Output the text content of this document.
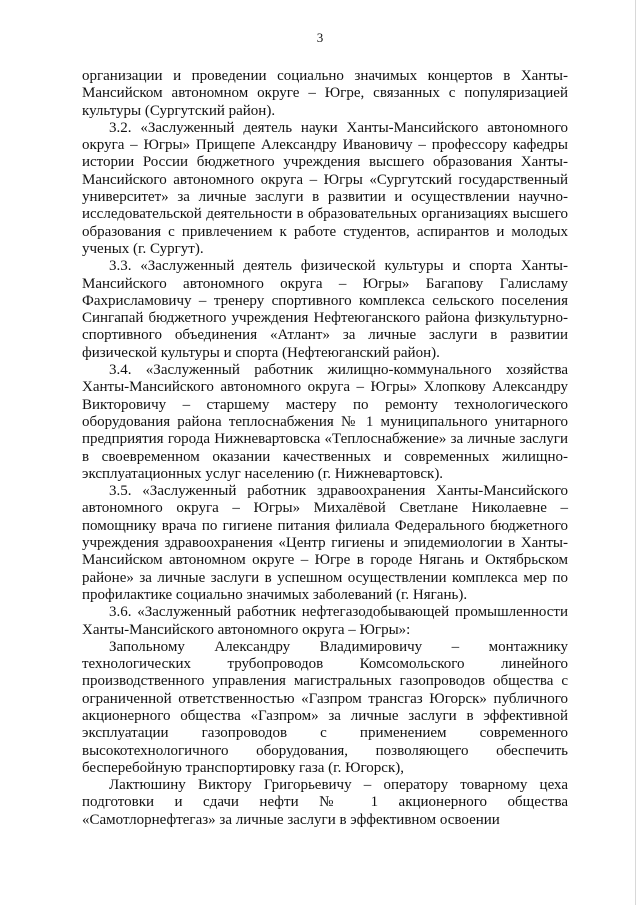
3

организации и проведении социально значимых концертов в Ханты-Мансийском автономном округе – Югре, связанных с популяризацией культуры (Сургутский район).

3.2. «Заслуженный деятель науки Ханты-Мансийского автономного округа – Югры» Прищепе Александру Ивановичу – профессору кафедры истории России бюджетного учреждения высшего образования Ханты-Мансийского автономного округа – Югры «Сургутский государственный университет» за личные заслуги в развитии и осуществлении научно-исследовательской деятельности в образовательных организациях высшего образования с привлечением к работе студентов, аспирантов и молодых ученых (г. Сургут).

3.3. «Заслуженный деятель физической культуры и спорта Ханты-Мансийского автономного округа – Югры» Багапову Галисламу Фахрисламовичу – тренеру спортивного комплекса сельского поселения Сингапай бюджетного учреждения Нефтеюганского района физкультурно-спортивного объединения «Атлант» за личные заслуги в развитии физической культуры и спорта (Нефтеюганский район).

3.4. «Заслуженный работник жилищно-коммунального хозяйства Ханты-Мансийского автономного округа – Югры» Хлопкову Александру Викторовичу – старшему мастеру по ремонту технологического оборудования района теплоснабжения № 1 муниципального унитарного предприятия города Нижневартовска «Теплоснабжение» за личные заслуги в своевременном оказании качественных и современных жилищно-эксплуатационных услуг населению (г. Нижневартовск).

3.5. «Заслуженный работник здравоохранения Ханты-Мансийского автономного округа – Югры» Михалёвой Светлане Николаевне – помощнику врача по гигиене питания филиала Федерального бюджетного учреждения здравоохранения «Центр гигиены и эпидемиологии в Ханты-Мансийском автономном округе – Югре в городе Нягань и Октябрьском районе» за личные заслуги в успешном осуществлении комплекса мер по профилактике социально значимых заболеваний (г. Нягань).

3.6. «Заслуженный работник нефтегазодобывающей промышленности Ханты-Мансийского автономного округа – Югры»:

Запольному Александру Владимировичу – монтажнику технологических трубопроводов Комсомольского линейного производственного управления магистральных газопроводов общества с ограниченной ответственностью «Газпром трансгаз Югорск» публичного акционерного общества «Газпром» за личные заслуги в эффективной эксплуатации газопроводов с применением современного высокотехнологичного оборудования, позволяющего обеспечить бесперебойную транспортировку газа (г. Югорск),

Лактюшину Виктору Григорьевичу – оператору товарному цеха подготовки и сдачи нефти № 1 акционерного общества «Самотлорнефтегаз» за личные заслуги в эффективном освоении
